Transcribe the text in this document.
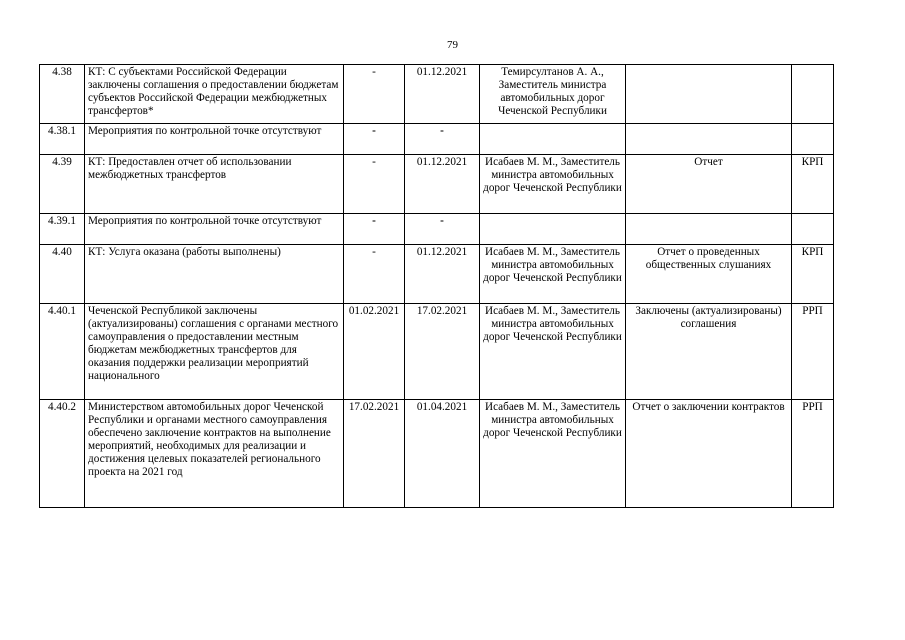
79
4.38	КТ: С субъектами Российской Федерации заключены соглашения о предоставлении бюджетам субъектов Российской Федерации межбюджетных трансфертов*	-	01.12.2021	Темирсултанов А. А., Заместитель министра автомобильных дорог Чеченской Республики		
4.38.1	Мероприятия по контрольной точке отсутствуют	-	-			
4.39	КТ: Предоставлен отчет об использовании межбюджетных трансфертов	-	01.12.2021	Исабаев М. М., Заместитель министра автомобильных дорог Чеченской Республики	Отчет	КРП
4.39.1	Мероприятия по контрольной точке отсутствуют	-	-			
4.40	КТ: Услуга оказана (работы выполнены)	-	01.12.2021	Исабаев М. М., Заместитель министра автомобильных дорог Чеченской Республики	Отчет о проведенных общественных слушаниях	КРП
4.40.1	Чеченской Республикой заключены (актуализированы) соглашения с органами местного самоуправления о предоставлении местным бюджетам межбюджетных трансфертов для оказания поддержки реализации мероприятий национального	01.02.2021	17.02.2021	Исабаев М. М., Заместитель министра автомобильных дорог Чеченской Республики	Заключены (актуализированы) соглашения	РРП
4.40.2	Министерством автомобильных дорог Чеченской Республики и органами местного самоуправления обеспечено заключение контрактов на выполнение мероприятий, необходимых для реализации и достижения целевых показателей регионального проекта на 2021 год	17.02.2021	01.04.2021	Исабаев М. М., Заместитель министра автомобильных дорог Чеченской Республики	Отчет о заключении контрактов	РРП
